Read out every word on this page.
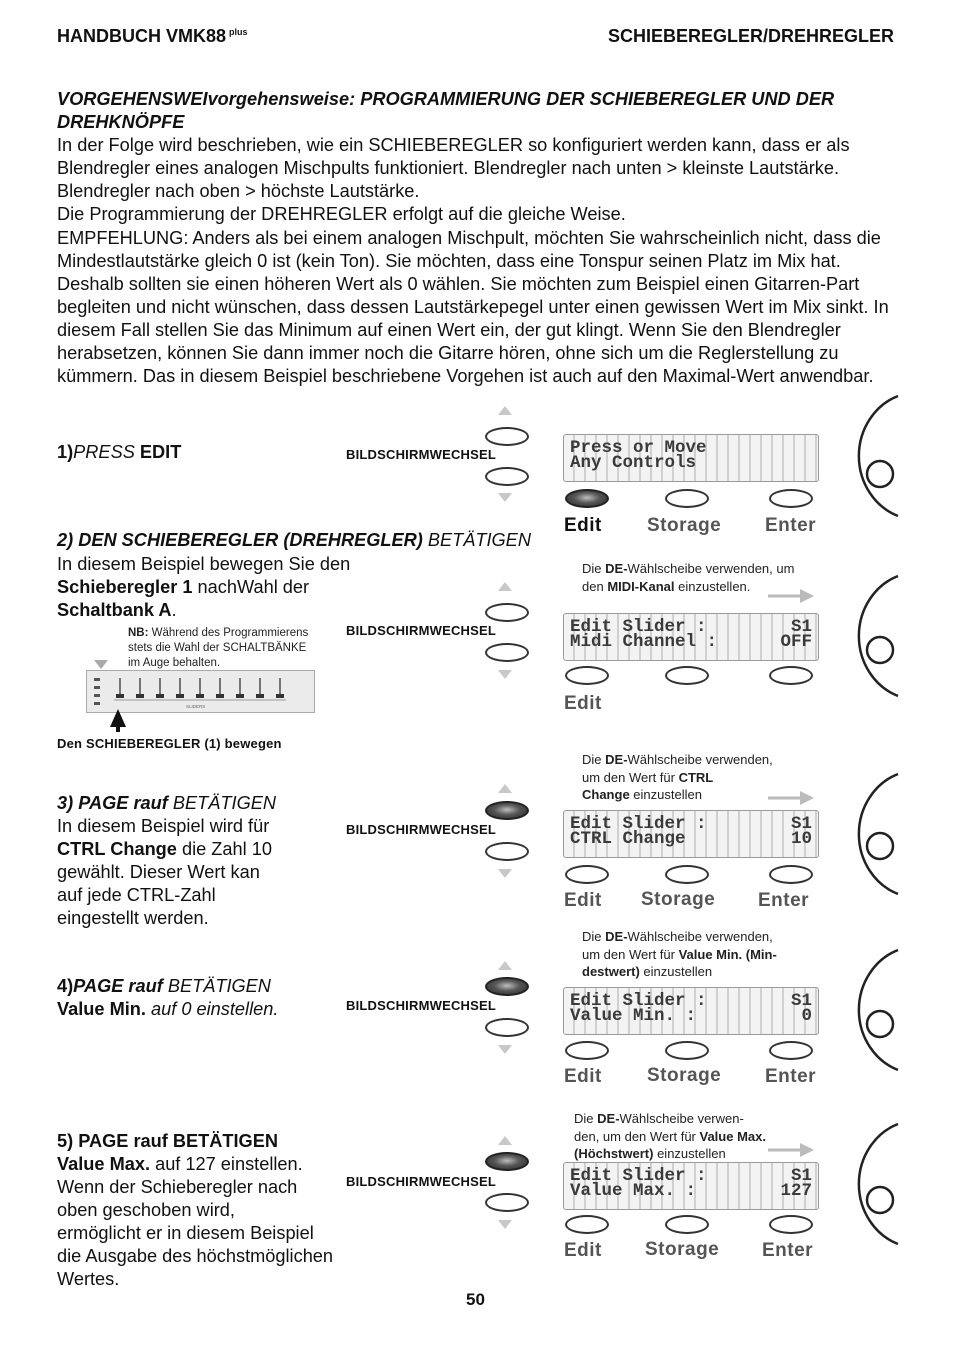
HANDBUCH VMK88 $^{plus}$	SCHIEBEREGLER/DREHREGLER
VORGEHENSWEIvorgehensweise: PROGRAMMIERUNG DER SCHIEBEREGLER UND DER
DREHKNÖPFE
In der Folge wird beschrieben, wie ein SCHIEBEREGLER so konfiguriert werden kann, dass er als Blendregler eines analogen Mischpults funktioniert. Blendregler nach unten > kleinste Lautstärke. Blendregler nach oben > höchste Lautstärke.
Die Programmierung der DREHREGLER erfolgt auf die gleiche Weise.
EMPFEHLUNG: Anders als bei einem analogen Mischpult, möchten Sie wahrscheinlich nicht, dass die Mindestlautstärke gleich 0 ist (kein Ton). Sie möchten, dass eine Tonspur seinen Platz im Mix hat. Deshalb sollten sie einen höheren Wert als 0 wählen. Sie möchten zum Beispiel einen Gitarren-Part begleiten und nicht wünschen, dass dessen Lautstärkepegel unter einen gewissen Wert im Mix sinkt. In diesem Fall stellen Sie das Minimum auf einen Wert ein, der gut klingt. Wenn Sie den Blendregler herabsetzen, können Sie dann immer noch die Gitarre hören, ohne sich um die Reglerstellung zu kümmern. Das in diesem Beispiel beschriebene Vorgehen ist auch auf den Maximal-Wert anwendbar.
1)PRESS EDIT	BILDSCHIRMWECHSEL	Press or Move
Any Controls
Edit Storage Enter
2) DEN SCHIEBEREGLER (DREHREGLER) BETÄTIGEN
In diesem Beispiel bewegen Sie den
Schieberegler 1 nachWahl der
Schaltbank A.
NB: Während des Programmierens
stets die Wahl der SCHALTBÄNKE
im Auge behalten.
SLIDERS
Den SCHIEBEREGLER (1) bewegen
BILDSCHIRMWECHSEL
Die DE-Wählscheibe verwenden, um
den MIDI-Kanal einzustellen.
Edit Slider :	S1
Midi Channel :	OFF
Edit
3) PAGE rauf BETÄTIGEN
In diesem Beispiel wird für
CTRL Change die Zahl 10
gewählt. Dieser Wert kan
auf jede CTRL-Zahl
eingestellt werden.
BILDSCHIRMWECHSEL
Die DE-Wählscheibe verwenden,
um den Wert für CTRL
Change einzustellen
Edit Slider :	S1
CTRL Change	10
Edit Storage Enter
4)PAGE rauf BETÄTIGEN
Value Min. auf 0 einstellen.	BILDSCHIRMWECHSEL
Die DE-Wählscheibe verwenden,
um den Wert für Value Min. (Min-
destwert) einzustellen
Edit Slider :	S1
Value Min. :	0
Edit Storage Enter
5) PAGE rauf BETÄTIGEN
Value Max. auf 127 einstellen.
Wenn der Schieberegler nach
oben geschoben wird,
ermöglicht er in diesem Beispiel
die Ausgabe des höchstmöglichen
Wertes.
BILDSCHIRMWECHSEL
Die DE-Wählscheibe verwen-
den, um den Wert für Value Max.
(Höchstwert) einzustellen
Edit Slider :	S1
Value Max. :	127
Edit Storage Enter
50
